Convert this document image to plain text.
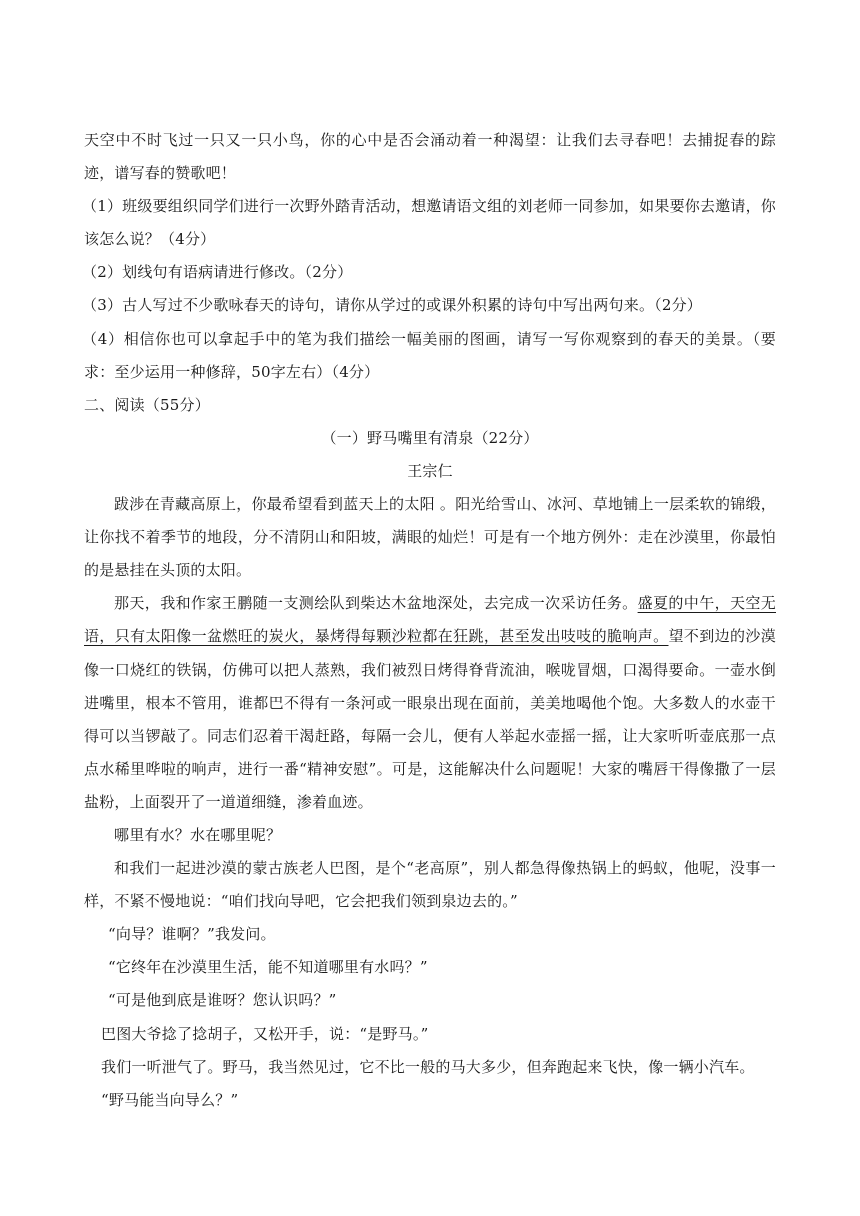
天空中不时飞过一只又一只小鸟，你的心中是否会涌动着一种渴望：让我们去寻春吧！去捕捉春的踪迹，谱写春的赞歌吧！

（1）班级要组织同学们进行一次野外踏青活动，想邀请语文组的刘老师一同参加，如果要你去邀请，你该怎么说？（4分）

（2）划线句有语病请进行修改。（2分）

（3）古人写过不少歌咏春天的诗句，请你从学过的或课外积累的诗句中写出两句来。（2分）

（4）相信你也可以拿起手中的笔为我们描绘一幅美丽的图画，请写一写你观察到的春天的美景。（要求：至少运用一种修辞，50字左右）（4分）

二、阅读（55分）

（一）野马嘴里有清泉（22分）

王宗仁

跋涉在青藏高原上，你最希望看到蓝天上的太阳 。阳光给雪山、冰河、草地铺上一层柔软的锦缎，让你找不着季节的地段，分不清阴山和阳坡，满眼的灿烂！可是有一个地方例外：走在沙漠里，你最怕的是悬挂在头顶的太阳。

那天，我和作家王鹏随一支测绘队到柴达木盆地深处，去完成一次采访任务。盛夏的中午，天空无语，只有太阳像一盆燃旺的炭火，暴烤得每颗沙粒都在狂跳，甚至发出吱吱的脆响声。望不到边的沙漠像一口烧红的铁锅，仿佛可以把人蒸熟，我们被烈日烤得脊背流油，喉咙冒烟，口渴得要命。一壶水倒进嘴里，根本不管用，谁都巴不得有一条河或一眼泉出现在面前，美美地喝他个饱。大多数人的水壶干得可以当锣敲了。同志们忍着干渴赶路，每隔一会儿，便有人举起水壶摇一摇，让大家听听壶底那一点点水稀里哗啦的响声，进行一番“精神安慰”。可是，这能解决什么问题呢！大家的嘴唇干得像撒了一层盐粉，上面裂开了一道道细缝，渗着血迹。

哪里有水？水在哪里呢？

和我们一起进沙漠的蒙古族老人巴图，是个“老高原”，别人都急得像热锅上的蚂蚁，他呢，没事一样，不紧不慢地说：“咱们找向导吧，它会把我们领到泉边去的。”

“向导？谁啊？”我发问。

“它终年在沙漠里生活，能不知道哪里有水吗？”

“可是他到底是谁呀？您认识吗？”

巴图大爷捻了捻胡子，又松开手，说：“是野马。”

我们一听泄气了。野马，我当然见过，它不比一般的马大多少，但奔跑起来飞快，像一辆小汽车。

“野马能当向导么？”
